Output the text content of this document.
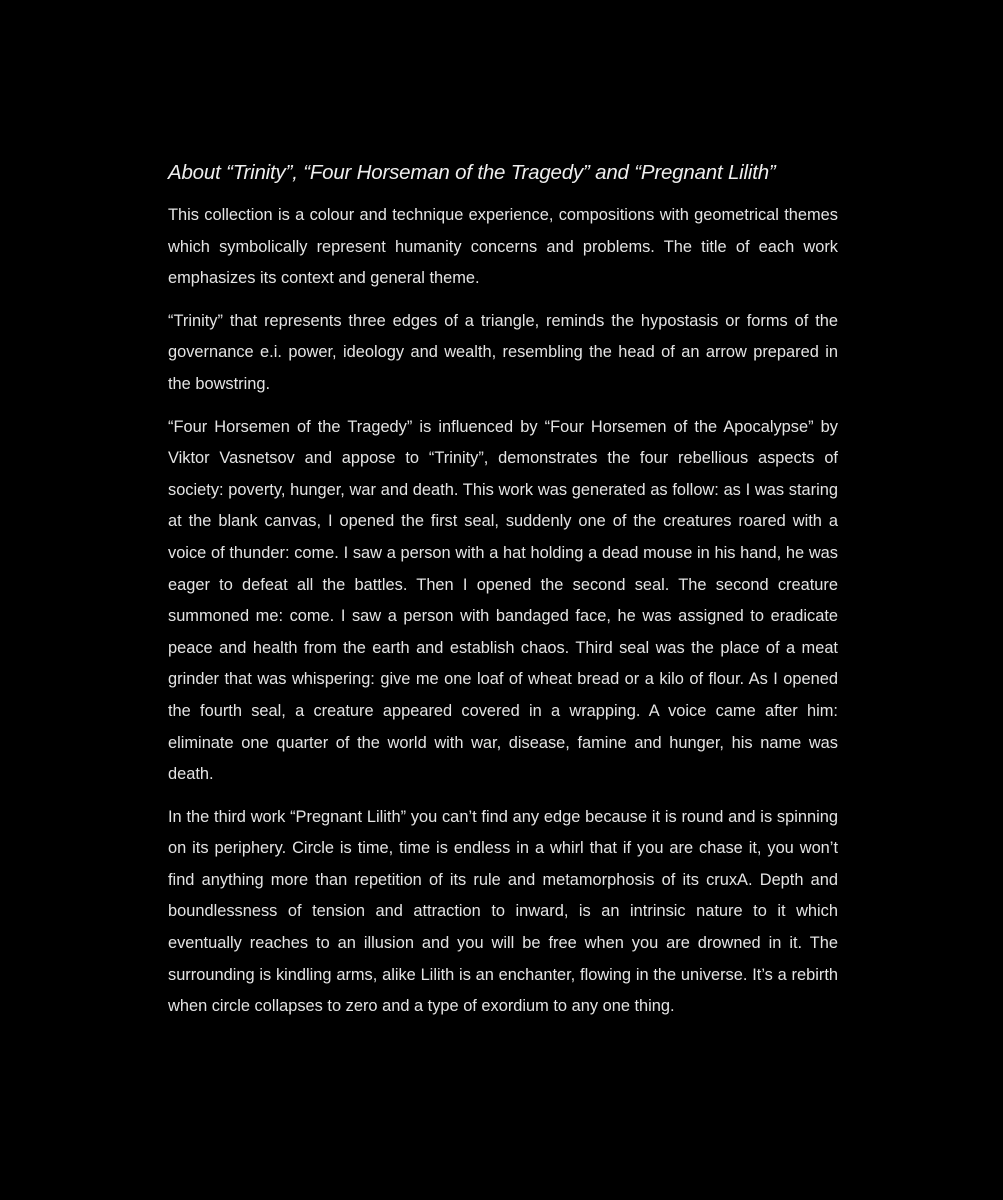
About “Trinity”, “Four Horseman of the Tragedy” and “Pregnant Lilith”

This collection is a colour and technique experience, compositions with geometrical themes which symbolically represent humanity concerns and problems. The title of each work emphasizes its context and general theme.

“Trinity” that represents three edges of a triangle, reminds the hypostasis or forms of the governance e.i. power, ideology and wealth, resembling the head of an arrow prepared in the bowstring.

“Four Horsemen of the Tragedy” is influenced by “Four Horsemen of the Apocalypse” by Viktor Vasnetsov and appose to “Trinity”, demonstrates the four rebellious aspects of society: poverty, hunger, war and death. This work was generated as follow: as I was staring at the blank canvas, I opened the first seal, suddenly one of the creatures roared with a voice of thunder: come. I saw a person with a hat holding a dead mouse in his hand, he was eager to defeat all the battles. Then I opened the second seal. The second creature summoned me: come. I saw a person with bandaged face, he was assigned to eradicate peace and health from the earth and establish chaos. Third seal was the place of a meat grinder that was whispering: give me one loaf of wheat bread or a kilo of flour. As I opened the fourth seal, a creature appeared covered in a wrapping. A voice came after him: eliminate one quarter of the world with war, disease, famine and hunger, his name was death.

In the third work “Pregnant Lilith” you can’t find any edge because it is round and is spinning on its periphery. Circle is time, time is endless in a whirl that if you are chase it, you won’t find anything more than repetition of its rule and metamorphosis of its cruxA. Depth and boundlessness of tension and attraction to inward, is an intrinsic nature to it which eventually reaches to an illusion and you will be free when you are drowned in it. The surrounding is kindling arms, alike Lilith is an enchanter, flowing in the universe. It’s a rebirth when circle collapses to zero and a type of exordium to any one thing.
